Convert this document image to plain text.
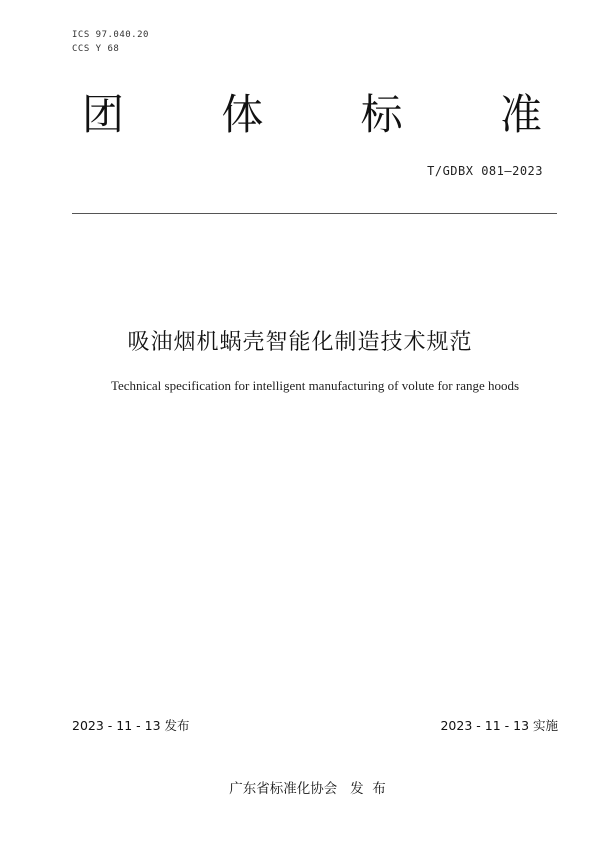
ICS 97.040.20
CCS Y 68
团 体 标 准
T/GDBX 081—2023
吸油烟机蜗壳智能化制造技术规范
Technical specification for intelligent manufacturing of volute for range hoods
2023 - 11 - 13 发布	2023 - 11 - 13 实施
广东省标准化协会 发  布
